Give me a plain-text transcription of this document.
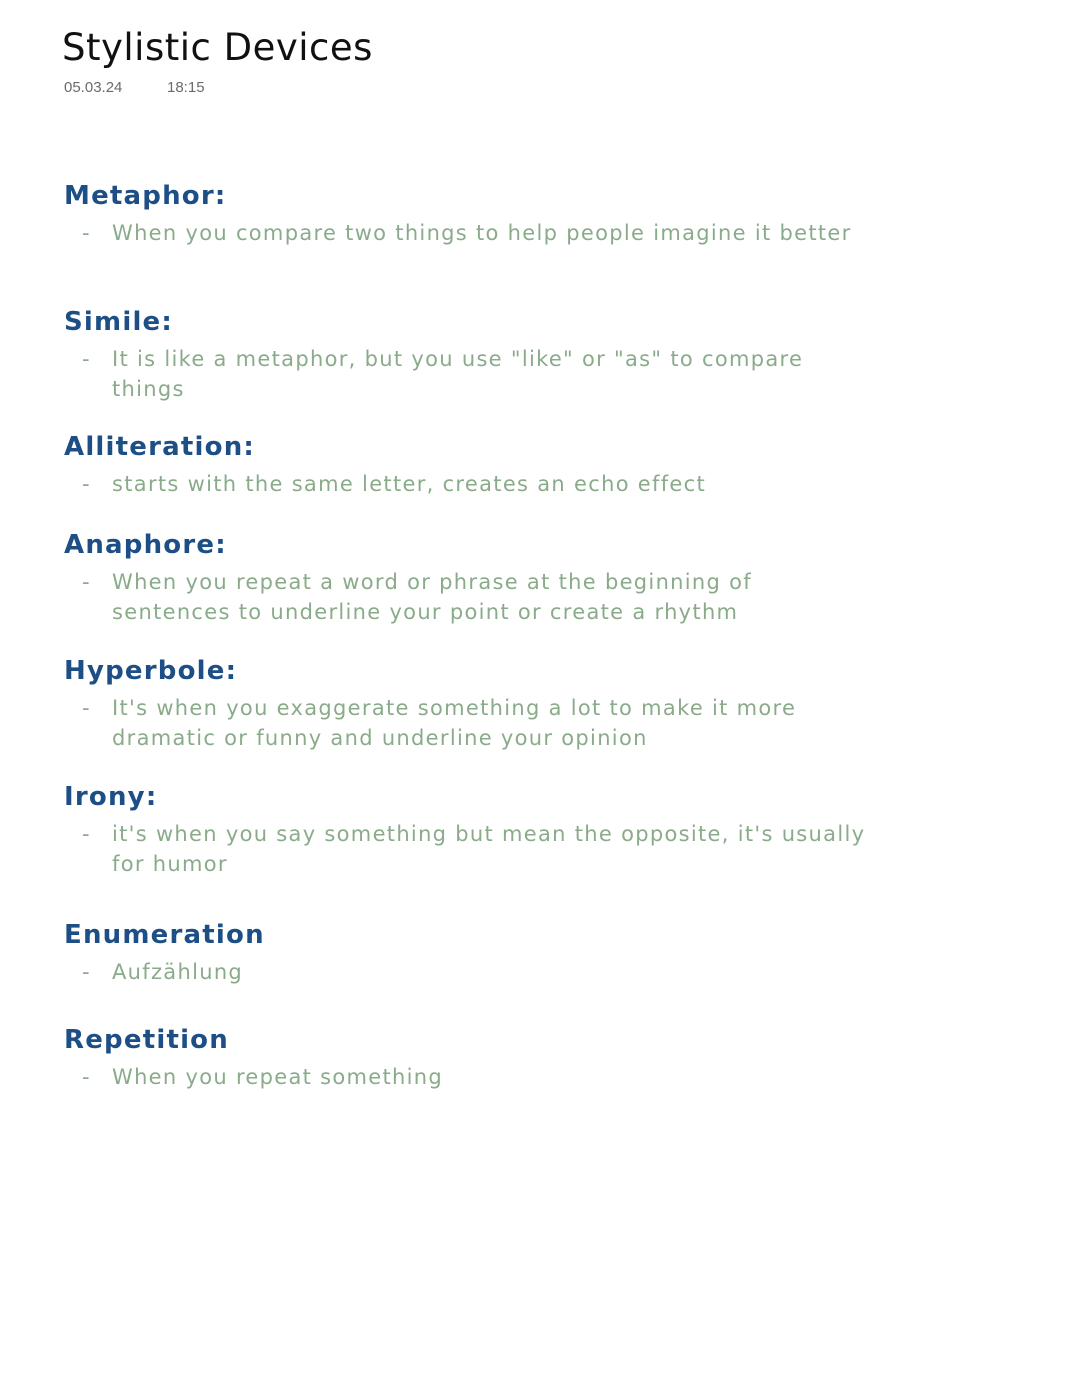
Stylistic Devices
05.03.24	18:15
Metaphor:
- When you compare two things to help people imagine it better
Simile:
- It is like a metaphor, but you use "like" or "as" to compare things
Alliteration:
- starts with the same letter, creates an echo effect
Anaphore:
- When you repeat a word or phrase at the beginning of sentences to underline your point or create a rhythm
Hyperbole:
- It's when you exaggerate something a lot to make it more dramatic or funny and underline your opinion
Irony:
- it's when you say something but mean the opposite, it's usually for humor
Enumeration
- Aufzählung
Repetition
- When you repeat something
